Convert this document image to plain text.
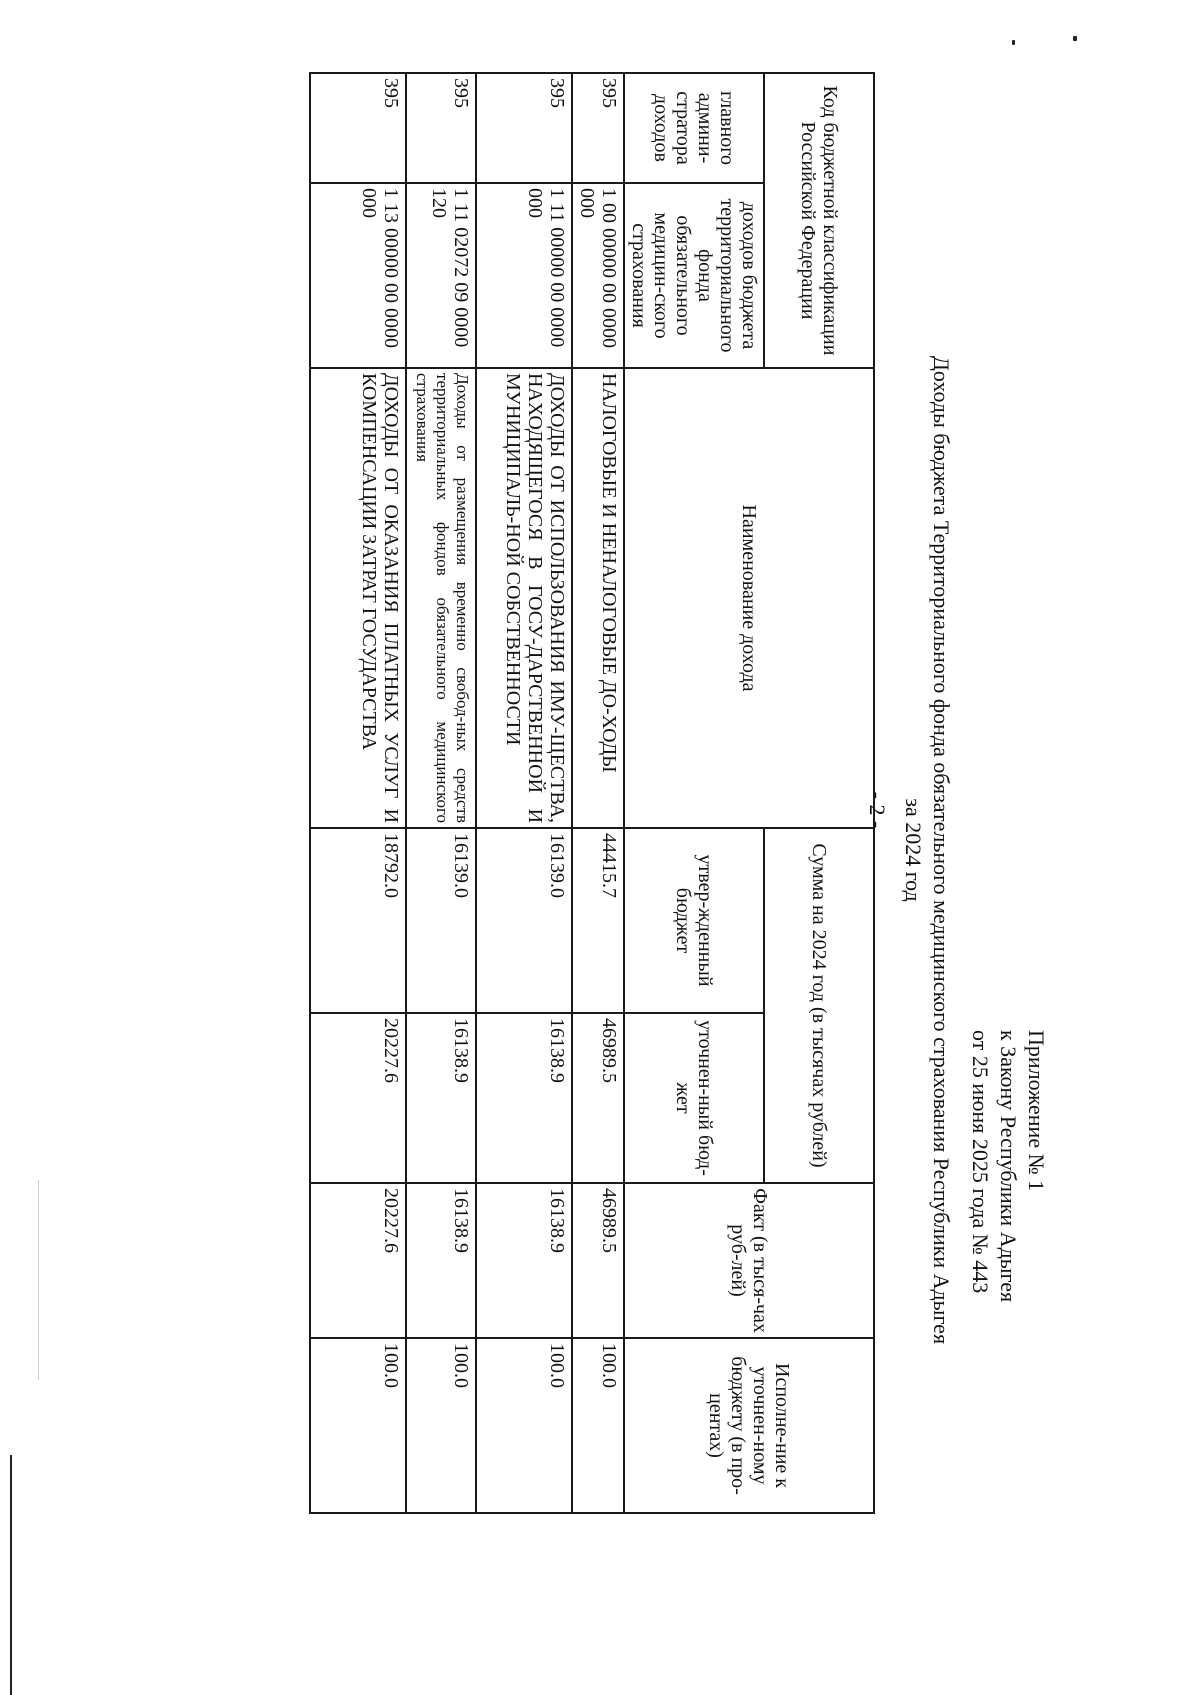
- 2 -
Приложение № 1
к Закону Республики Адыгея
от 25 июня 2025 года № 443
Доходы бюджета Территориального фонда обязательного медицинского страхования Республики Адыгея
за 2024 год
Код бюджетной классификации Российской Федерации		Наименование дохода	Сумма на 2024 год (в тысячах рублей)		Факт (в тыся-чах руб-лей)	Исполне-ние к уточнен-ному бюджету (в про-центах)
главного админи-стратора доходов	доходов бюджета территориального фонда обязательного медицин-ского страхования		утвер-жденный бюджет	уточнен-ный бюд-жет		
395	1 00 00000 00 0000 000	НАЛОГОВЫЕ И НЕНАЛОГОВЫЕ ДО-ХОДЫ	44415.7	46989.5	46989.5	100.0
395	1 11 00000 00 0000 000	ДОХОДЫ ОТ ИСПОЛЬЗОВАНИЯ ИМУ-ЩЕСТВА, НАХОДЯЩЕГОСЯ В ГОСУ-ДАРСТВЕННОЙ И МУНИЦИПАЛЬ-НОЙ СОБСТВЕННОСТИ	16139.0	16138.9	16138.9	100.0
395	1 11 02072 09 0000 120	Доходы от размещения временно свобод-ных средств территориальных фондов обязательного медицинского страхования	16139.0	16138.9	16138.9	100.0
395	1 13 00000 00 0000 000	ДОХОДЫ ОТ ОКАЗАНИЯ ПЛАТНЫХ УСЛУГ И КОМПЕНСАЦИИ ЗАТРАТ ГОСУДАРСТВА	18792.0	20227.6	20227.6	100.0
